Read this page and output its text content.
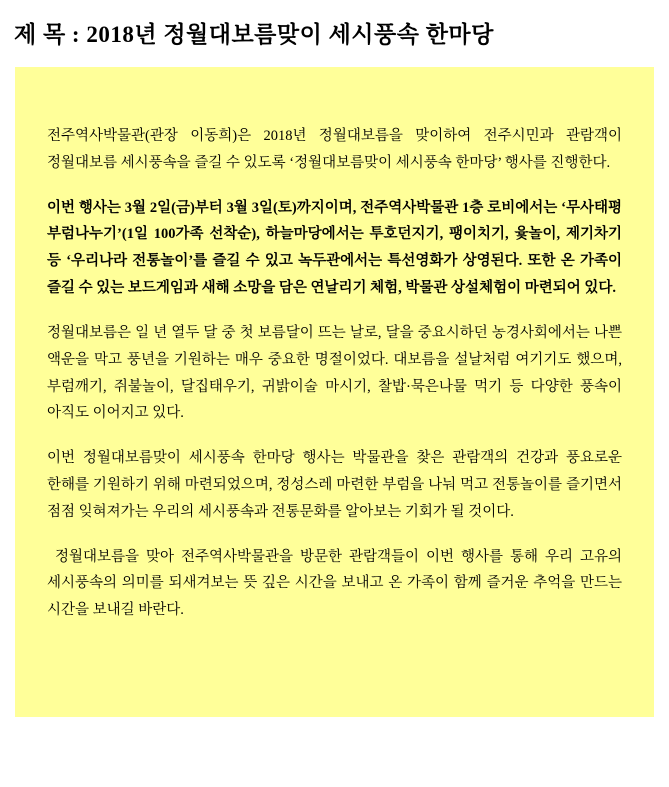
제 목 : 2018년 정월대보름맞이 세시풍속 한마당

전주역사박물관(관장 이동희)은 2018년 정월대보름을 맞이하여 전주시민과 관람객이 정월대보름 세시풍속을 즐길 수 있도록 ‘정월대보름맞이 세시풍속 한마당’ 행사를 진행한다.

이번 행사는 3월 2일(금)부터 3월 3일(토)까지이며, 전주역사박물관 1층 로비에서는 ‘무사태평 부럼나누기’(1일 100가족 선착순), 하늘마당에서는 투호던지기, 팽이치기, 윷놀이, 제기차기 등 ‘우리나라 전통놀이’를 즐길 수 있고 녹두관에서는 특선영화가 상영된다. 또한 온 가족이 즐길 수 있는 보드게임과 새해 소망을 담은 연날리기 체험, 박물관 상설체험이 마련되어 있다.

정월대보름은 일 년 열두 달 중 첫 보름달이 뜨는 날로, 달을 중요시하던 농경사회에서는 나쁜 액운을 막고 풍년을 기원하는 매우 중요한 명절이었다. 대보름을 설날처럼 여기기도 했으며, 부럼깨기, 쥐불놀이, 달집태우기, 귀밝이술 마시기, 찰밥·묵은나물 먹기 등 다양한 풍속이 아직도 이어지고 있다.

이번 정월대보름맞이 세시풍속 한마당 행사는 박물관을 찾은 관람객의 건강과 풍요로운 한해를 기원하기 위해 마련되었으며, 정성스레 마련한 부럼을 나눠 먹고 전통놀이를 즐기면서 점점 잊혀져가는 우리의 세시풍속과 전통문화를 알아보는 기회가 될 것이다.

정월대보름을 맞아 전주역사박물관을 방문한 관람객들이 이번 행사를 통해 우리 고유의 세시풍속의 의미를 되새겨보는 뜻 깊은 시간을 보내고 온 가족이 함께 즐거운 추억을 만드는 시간을 보내길 바란다.
